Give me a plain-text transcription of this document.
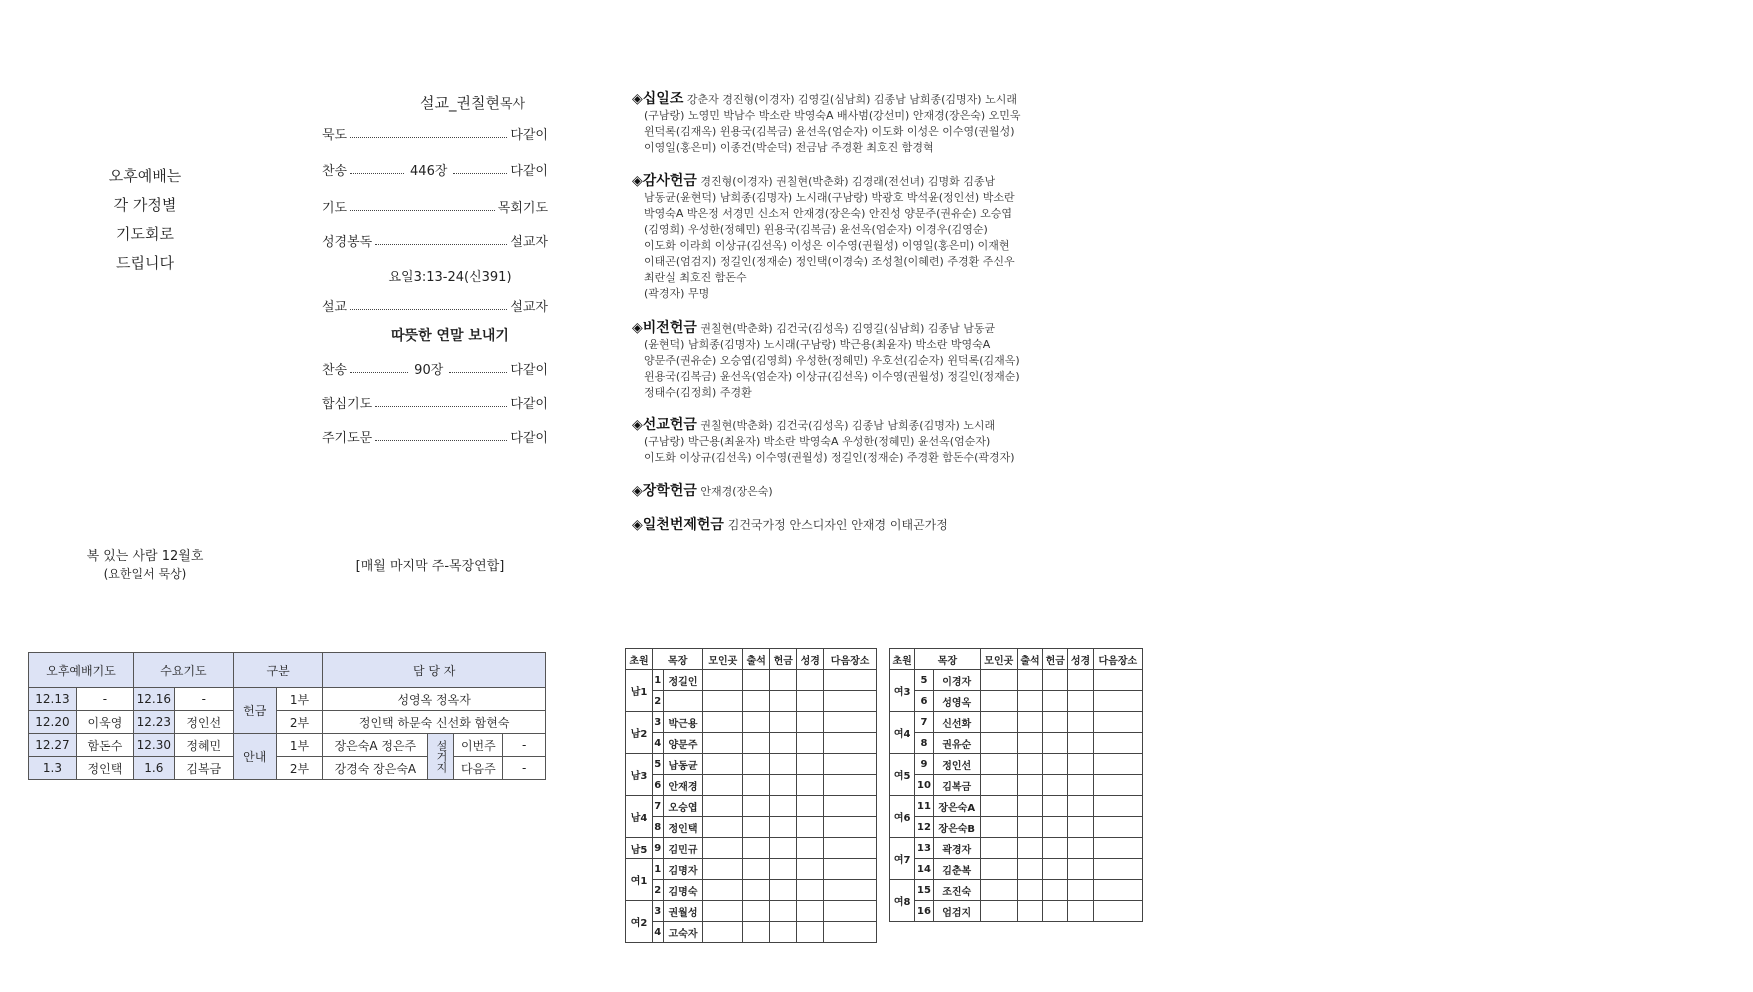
오후예배는
각 가정별
기도회로
드립니다
설교_권칠현목사
묵도	다같이
찬송	446장	다같이
기도	목회기도
성경봉독	설교자
요일3:13-24(신391)
설교	설교자
따뜻한 연말 보내기
찬송	90장	다같이
합심기도	다같이
주기도문	다같이
복 있는 사람 12월호
(요한일서 묵상)	[매월 마지막 주-목장연합]
◈십일조 강춘자 경진형(이경자) 김영길(심남희) 김종남 남희종(김명자) 노시래
(구남랑) 노영민 박남수 박소란 박영숙A 배사범(강선미) 안재경(장은숙) 오민욱
윈덕록(김재옥) 윈용국(김복금) 윤선옥(엄순자) 이도화 이성은 이수영(권월성)
이영일(홍은미) 이종건(박순덕) 전금남 주경환 최호진 함경혁
◈감사헌금 경진형(이경자) 권칠현(박춘화) 김경래(전선녀) 김명화 김종남
남동균(윤현덕) 남희종(김명자) 노시래(구남랑) 박광호 박석윤(정인선) 박소란
박영숙A 박은정 서경민 신소저 안재경(장은숙) 안진성 양문주(권유순) 오승엽
(김영희) 우성한(정혜민) 윈용국(김복금) 윤선옥(엄순자) 이경우(김영순)
이도화 이라희 이상규(김선옥) 이성은 이수영(권월성) 이영일(홍은미) 이재현
이태곤(엄검지) 정길인(정재순) 정인택(이경숙) 조성철(이혜련) 주경환 주신우
최란실 최호진 함돈수
(곽경자) 무명
◈비전헌금 권칠현(박춘화) 김건국(김성옥) 김영길(심남희) 김종남 남동균
(윤현덕) 남희종(김명자) 노시래(구남랑) 박근용(최윤자) 박소란 박영숙A
양문주(권유순) 오승엽(김영희) 우성한(정혜민) 우호선(김순자) 윈덕록(김재옥)
윈용국(김복금) 윤선옥(엄순자) 이상규(김선옥) 이수영(권월성) 정길인(정재순)
정태수(김정희) 주경환
◈선교헌금 권칠현(박춘화) 김건국(김성옥) 김종남 남희종(김명자) 노시래
(구남랑) 박근용(최윤자) 박소란 박영숙A 우성한(정혜민) 윤선옥(엄순자)
이도화 이상규(김선옥) 이수영(권월성) 정길인(정재순) 주경환 함돈수(곽경자)
◈장학헌금 안재경(장은숙)
◈일천번제헌금 김건국가정 안스디자인 안재경 이태곤가정
오후예배기도		수요기도		구분		담 당 자			
12.13	-	12.16	-	헌금	1부	성영옥 정옥자			
12.20	이욱영	12.23	정인선		2부	정인택 하문숙 신선화 함현숙			
12.27	함돈수	12.30	정혜민	안내	1부	장은숙A 정은주	설거지	이번주	-
1.3	정인택	1.6	김복금		2부	강경숙 장은숙A		다음주	-
초원	목장		모인곳	출석	헌금	성경	다음장소
남1	1	정길인					
	2						
남2	3	박근용					
	4	양문주					
남3	5	남동균					
	6	안재경					
남4	7	오승엽					
	8	정인택					
남5	9	김민규					
여1	1	김명자					
	2	김명숙					
여2	3	권월성					
	4	고숙자					
초원	목장		모인곳	출석	헌금	성경	다음장소
여3	5	이경자					
	6	성영옥					
여4	7	신선화					
	8	권유순					
여5	9	정인선					
	10	김복금					
여6	11	장은숙A					
	12	장은숙B					
여7	13	곽경자					
	14	김춘복					
여8	15	조진숙					
	16	엄검지					
